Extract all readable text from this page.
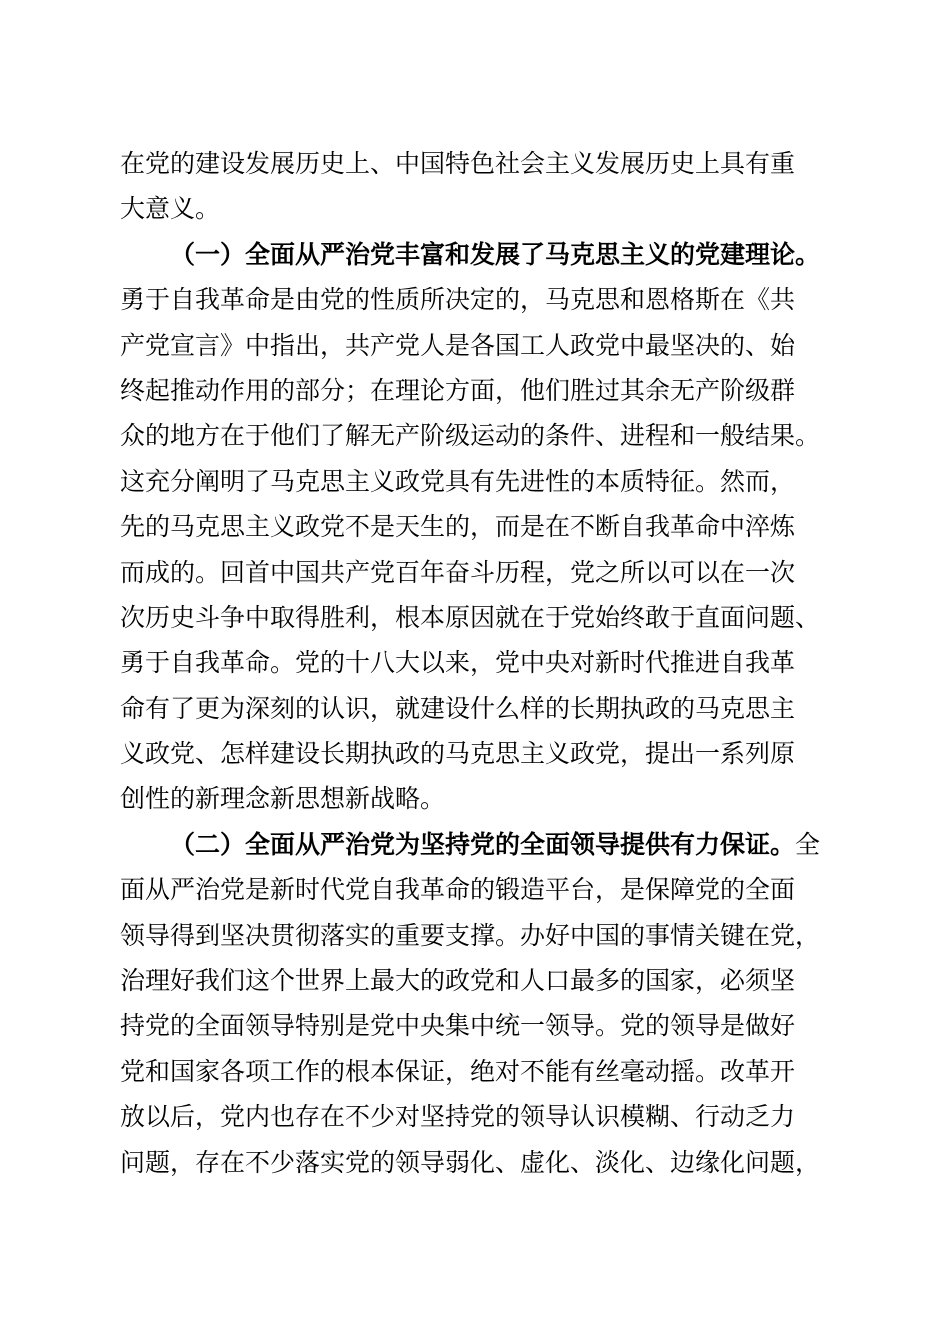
在党的建设发展历史上、中国特色社会主义发展历史上具有重
大意义。
（一）全面从严治党丰富和发展了马克思主义的党建理论。
勇于自我革命是由党的性质所决定的，马克思和恩格斯在《共
产党宣言》中指出，共产党人是各国工人政党中最坚决的、始
终起推动作用的部分；在理论方面，他们胜过其余无产阶级群
众的地方在于他们了解无产阶级运动的条件、进程和一般结果。
这充分阐明了马克思主义政党具有先进性的本质特征。然而，
先的马克思主义政党不是天生的，而是在不断自我革命中淬炼
而成的。回首中国共产党百年奋斗历程，党之所以可以在一次
次历史斗争中取得胜利，根本原因就在于党始终敢于直面问题、
勇于自我革命。党的十八大以来，党中央对新时代推进自我革
命有了更为深刻的认识，就建设什么样的长期执政的马克思主
义政党、怎样建设长期执政的马克思主义政党，提出一系列原
创性的新理念新思想新战略。
（二）全面从严治党为坚持党的全面领导提供有力保证。全
面从严治党是新时代党自我革命的锻造平台，是保障党的全面
领导得到坚决贯彻落实的重要支撑。办好中国的事情关键在党，
治理好我们这个世界上最大的政党和人口最多的国家，必须坚
持党的全面领导特别是党中央集中统一领导。党的领导是做好
党和国家各项工作的根本保证，绝对不能有丝毫动摇。改革开
放以后，党内也存在不少对坚持党的领导认识模糊、行动乏力
问题，存在不少落实党的领导弱化、虚化、淡化、边缘化问题，
